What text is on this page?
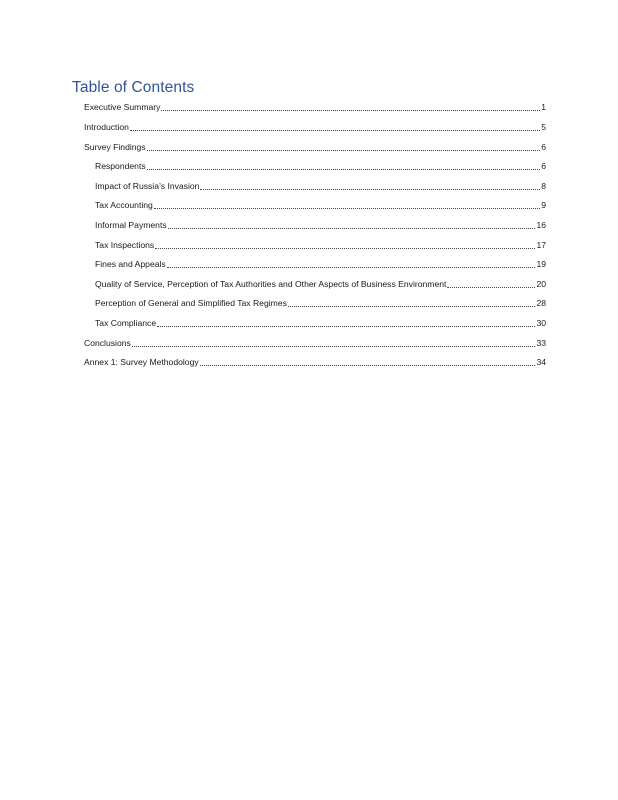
Table of Contents
Executive Summary	1
Introduction	5
Survey Findings	6
Respondents	6
Impact of Russia’s Invasion	8
Tax Accounting	9
Informal Payments	16
Tax Inspections	17
Fines and Appeals	19
Quality of Service, Perception of Tax Authorities and Other Aspects of Business Environment	20
Perception of General and Simplified Tax Regimes	28
Tax Compliance	30
Conclusions	33
Annex 1: Survey Methodology	34
